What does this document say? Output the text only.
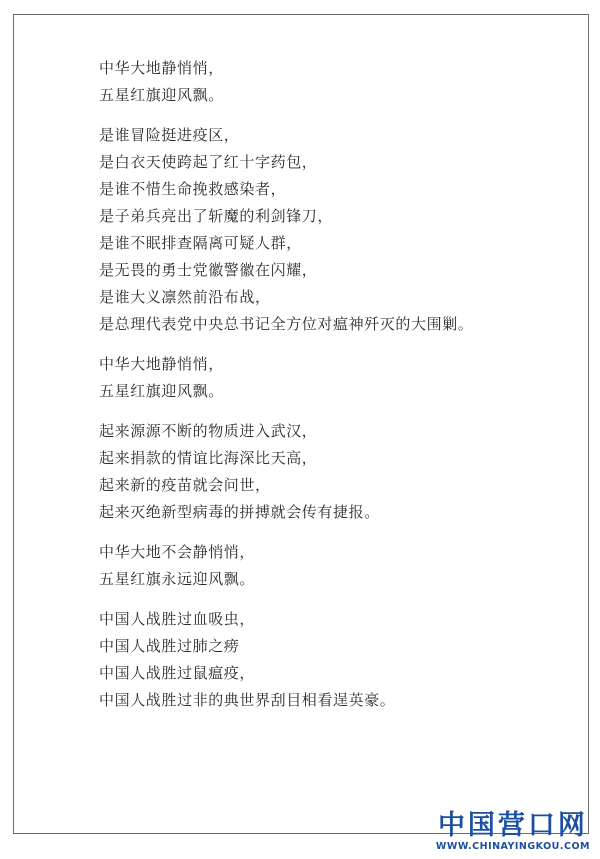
中华大地静悄悄，
五星红旗迎风飘。
是谁冒险挺进疫区，
是白衣天使跨起了红十字药包，
是谁不惜生命挽救感染者，
是子弟兵亮出了斩魔的利剑锋刀，
是谁不眠排查隔离可疑人群，
是无畏的勇士党徽警徽在闪耀，
是谁大义凛然前沿布战，
是总理代表党中央总书记全方位对瘟神歼灭的大围剿。
中华大地静悄悄，
五星红旗迎风飘。
起来源源不断的物质进入武汉，
起来捐款的情谊比海深比天高，
起来新的疫苗就会问世，
起来灭绝新型病毒的拼搏就会传有捷报。
中华大地不会静悄悄，
五星红旗永远迎风飘。
中国人战胜过血吸虫，
中国人战胜过肺之痨
中国人战胜过鼠瘟疫，
中国人战胜过非的典世界刮目相看逞英豪。
中国营口网
WWW.CHINAYINGKOU.COM
